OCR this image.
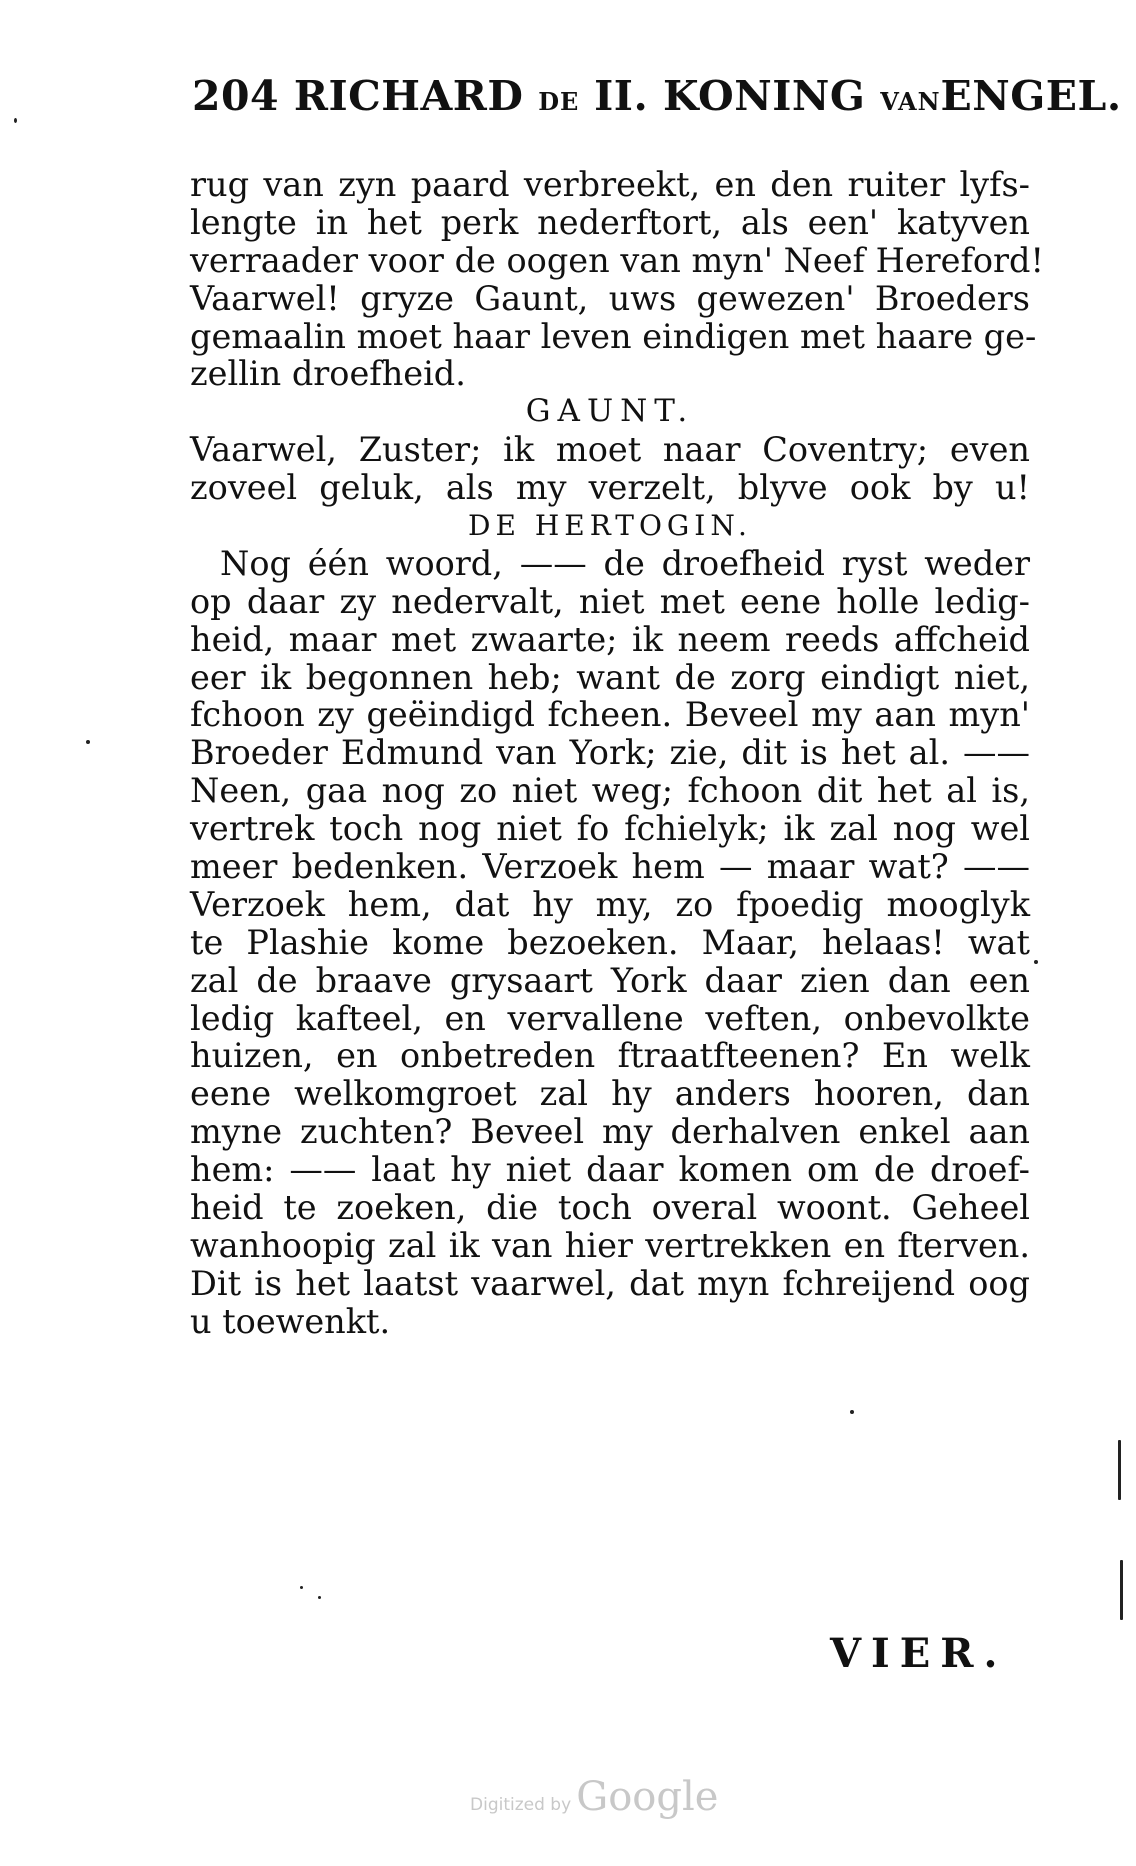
204 RICHARD DE II. KONING VANENGEL.
rug van zyn paard verbreekt, en den ruiter lyfs-
lengte in het perk nederftort, als een' katyven
verraader voor de oogen van myn' Neef Hereford!
Vaarwel! gryze Gaunt, uws gewezen' Broeders
gemaalin moet haar leven eindigen met haare ge-
zellin droefheid.
GAUNT.
Vaarwel, Zuster; ik moet naar Coventry; even
zoveel geluk, als my verzelt, blyve ook by u!
DE HERTOGIN.
Nog één woord, —— de droefheid ryst weder
op daar zy nedervalt, niet met eene holle ledig-
heid, maar met zwaarte; ik neem reeds affcheid
eer ik begonnen heb; want de zorg eindigt niet,
fchoon zy geëindigd fcheen. Beveel my aan myn'
Broeder Edmund van York; zie, dit is het al. ——
Neen, gaa nog zo niet weg; fchoon dit het al is,
vertrek toch nog niet fo fchielyk; ik zal nog wel
meer bedenken. Verzoek hem — maar wat? ——
Verzoek hem, dat hy my, zo fpoedig mooglyk
te Plashie kome bezoeken. Maar, helaas! wat
zal de braave grysaart York daar zien dan een
ledig kafteel, en vervallene veften, onbevolkte
huizen, en onbetreden ftraatfteenen? En welk
eene welkomgroet zal hy anders hooren, dan
myne zuchten? Beveel my derhalven enkel aan
hem: —— laat hy niet daar komen om de droef-
heid te zoeken, die toch overal woont. Geheel
wanhoopig zal ik van hier vertrekken en fterven.
Dit is het laatst vaarwel, dat myn fchreijend oog
u toewenkt.
VIER.
Digitized by Google
